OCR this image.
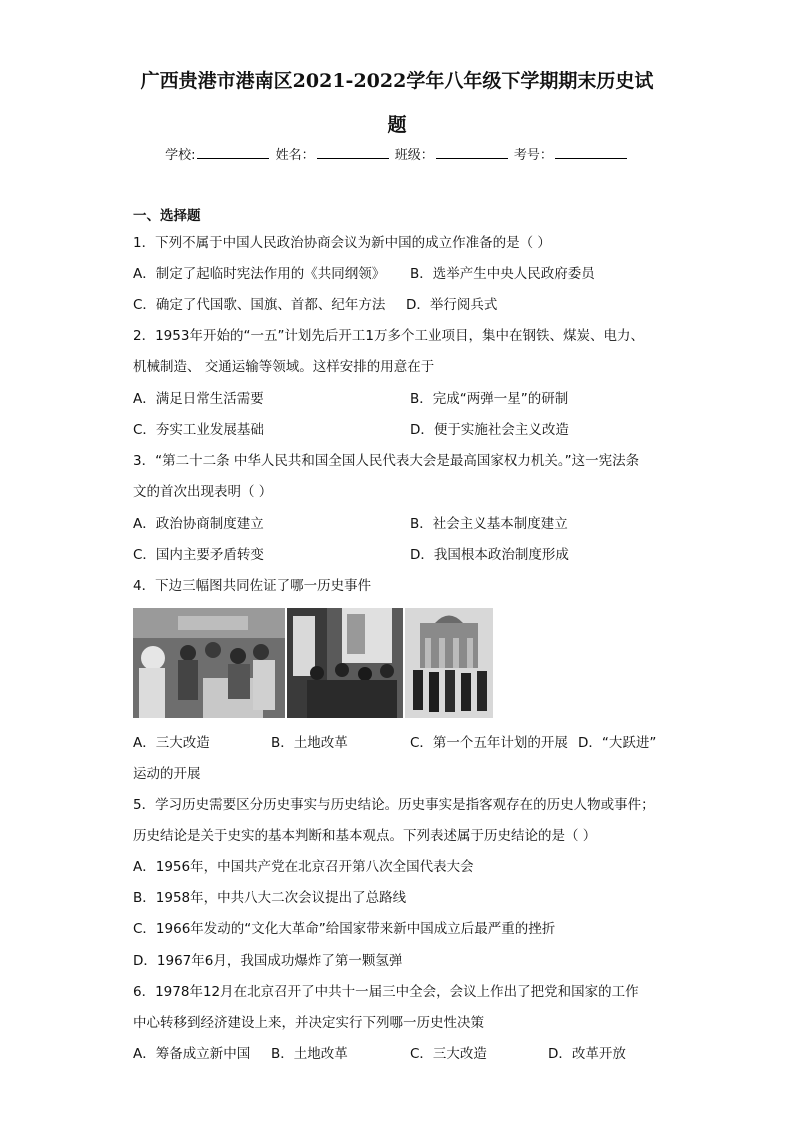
广西贵港市港南区2021-2022学年八年级下学期期末历史试
题
学校:	姓名：	班级：	考号：
一、选择题
1．下列不属于中国人民政治协商会议为新中国的成立作准备的是（ ）
A．制定了起临时宪法作用的《共同纲领》 B．选举产生中央人民政府委员
C．确定了代国歌、国旗、首都、纪年方法 D．举行阅兵式
2．1953年开始的“一五”计划先后开工1万多个工业项目，集中在钢铁、煤炭、电力、
机械制造、 交通运输等领域。这样安排的用意在于
A．满足日常生活需要	B．完成“两弹一星”的研制
C．夯实工业发展基础	D．便于实施社会主义改造
3．“第二十二条 中华人民共和国全国人民代表大会是最高国家权力机关。”这一宪法条
文的首次出现表明（ ）
A．政治协商制度建立	B．社会主义基本制度建立
C．国内主要矛盾转变	D．我国根本政治制度形成
4．下边三幅图共同佐证了哪一历史事件
A．三大改造	B．土地改革	C．第一个五年计划的开展 D．“大跃进”
运动的开展
5．学习历史需要区分历史事实与历史结论。历史事实是指客观存在的历史人物或事件；
历史结论是关于史实的基本判断和基本观点。下列表述属于历史结论的是（ ）
A．1956年，中国共产党在北京召开第八次全国代表大会
B．1958年，中共八大二次会议提出了总路线
C．1966年发动的“文化大革命”给国家带来新中国成立后最严重的挫折
D．1967年6月，我国成功爆炸了第一颗氢弹
6．1978年12月在北京召开了中共十一届三中全会，会议上作出了把党和国家的工作
中心转移到经济建设上来，并决定实行下列哪一历史性决策
A．筹备成立新中国 B．土地改革	C．三大改造	D．改革开放
